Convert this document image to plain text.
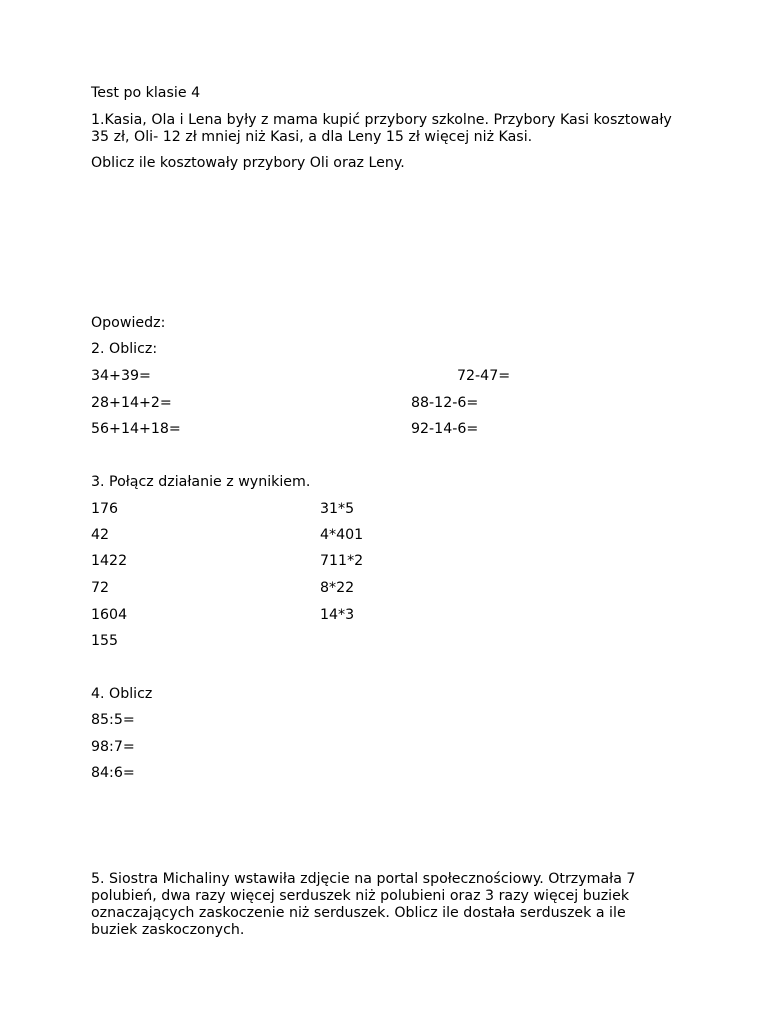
Test po klasie 4
1.Kasia, Ola i Lena były z mama kupić przybory szkolne. Przybory Kasi kosztowały 35 zł, Oli- 12 zł mniej niż Kasi, a dla Leny 15 zł więcej niż Kasi.
Oblicz ile kosztowały przybory Oli oraz Leny.
Opowiedz:
2. Oblicz:
34+39=	72-47=
28+14+2=	88-12-6=
56+14+18=	92-14-6=
3. Połącz działanie z wynikiem.
176	31*5
42	4*401
1422	711*2
72	8*22
1604	14*3
155
4. Oblicz
85:5=
98:7=
84:6=
5. Siostra Michaliny wstawiła zdjęcie na portal społecznościowy. Otrzymała 7 polubień, dwa razy więcej serduszek niż polubieni oraz 3 razy więcej buziek oznaczających zaskoczenie niż serduszek. Oblicz ile dostała serduszek a ile buziek zaskoczonych.
